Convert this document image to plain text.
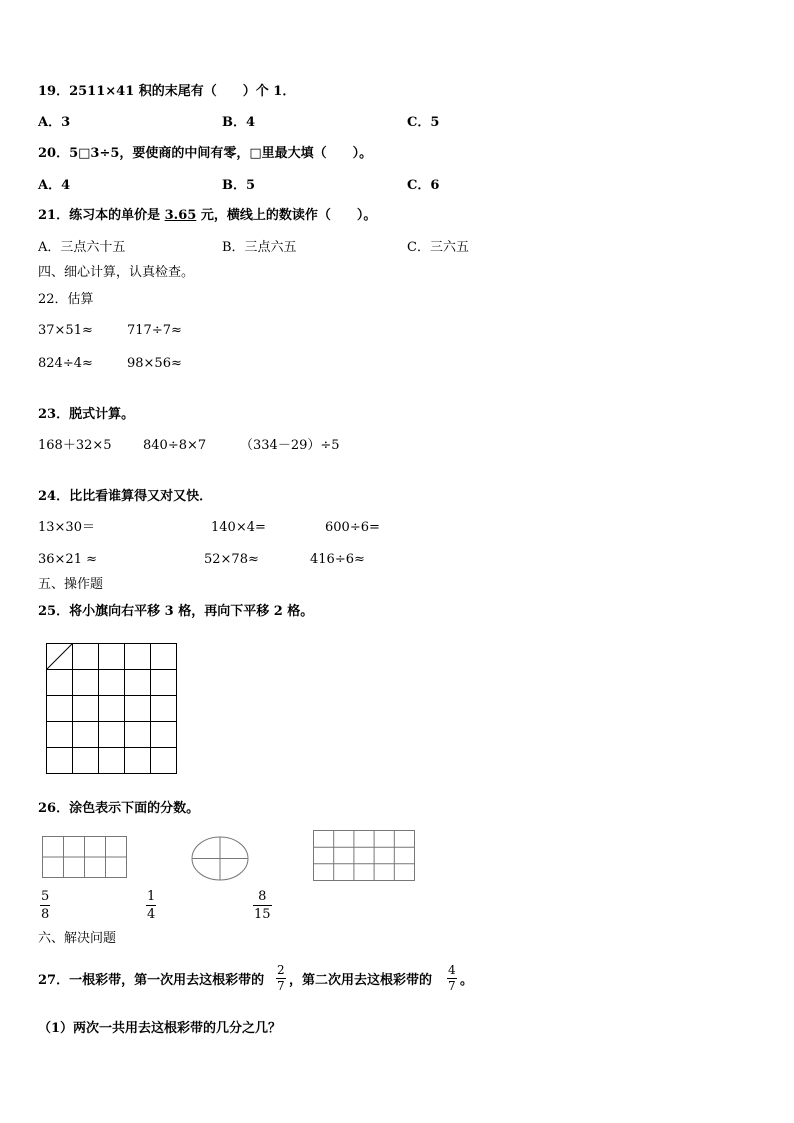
19．2511×41 积的末尾有（　　）个 1．
A．3	B．4	C．5
20．5□3÷5，要使商的中间有零，□里最大填（　　）。
A．4	B．5	C．6
21．练习本的单价是 3.65 元，横线上的数读作（　　）。
A．三点六十五	B．三点六五	C．三六五
四、细心计算，认真检查。
22．估算
37×51≈	717÷7≈
824÷4≈	98×56≈
23．脱式计算。
168＋32×5 840÷8×7	（334－29）÷5
24．比比看谁算得又对又快．
13×30＝	140×4=	600÷6=
36×21 ≈	52×78≈	416÷6≈
五、操作题
25．将小旗向右平移 3 格，再向下平移 2 格。
26．涂色表示下面的分数。
5
8
1
4
8
15
六、解决问题
27．一根彩带，第一次用去这根彩带的
2
7 ，第二次用去这根彩带的
4
7 。
（1）两次一共用去这根彩带的几分之几？
